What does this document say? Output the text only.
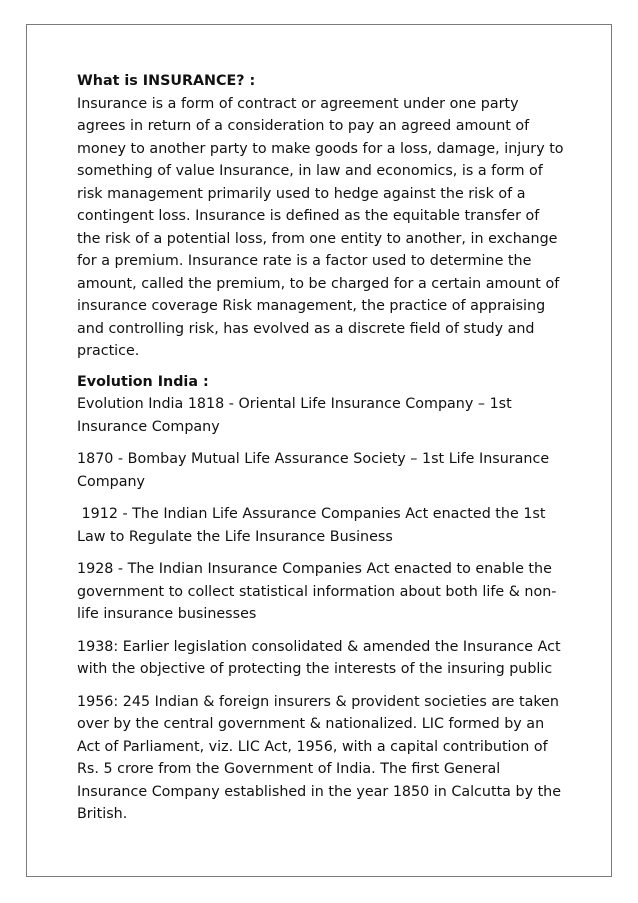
What is INSURANCE? :

Insurance is a form of contract or agreement under one party agrees in return of a consideration to pay an agreed amount of money to another party to make goods for a loss, damage, injury to something of value Insurance, in law and economics, is a form of risk management primarily used to hedge against the risk of a contingent loss. Insurance is defined as the equitable transfer of the risk of a potential loss, from one entity to another, in exchange for a premium. Insurance rate is a factor used to determine the amount, called the premium, to be charged for a certain amount of insurance coverage Risk management, the practice of appraising and controlling risk, has evolved as a discrete field of study and practice.

Evolution India :

Evolution India 1818 - Oriental Life Insurance Company – 1st Insurance Company

1870 - Bombay Mutual Life Assurance Society – 1st Life Insurance Company

1912 - The Indian Life Assurance Companies Act enacted the 1st Law to Regulate the Life Insurance Business

1928 - The Indian Insurance Companies Act enacted to enable the government to collect statistical information about both life & non-life insurance businesses

1938: Earlier legislation consolidated & amended the Insurance Act with the objective of protecting the interests of the insuring public

1956: 245 Indian & foreign insurers & provident societies are taken over by the central government & nationalized. LIC formed by an Act of Parliament, viz. LIC Act, 1956, with a capital contribution of Rs. 5 crore from the Government of India. The first General Insurance Company established in the year 1850 in Calcutta by the British.
